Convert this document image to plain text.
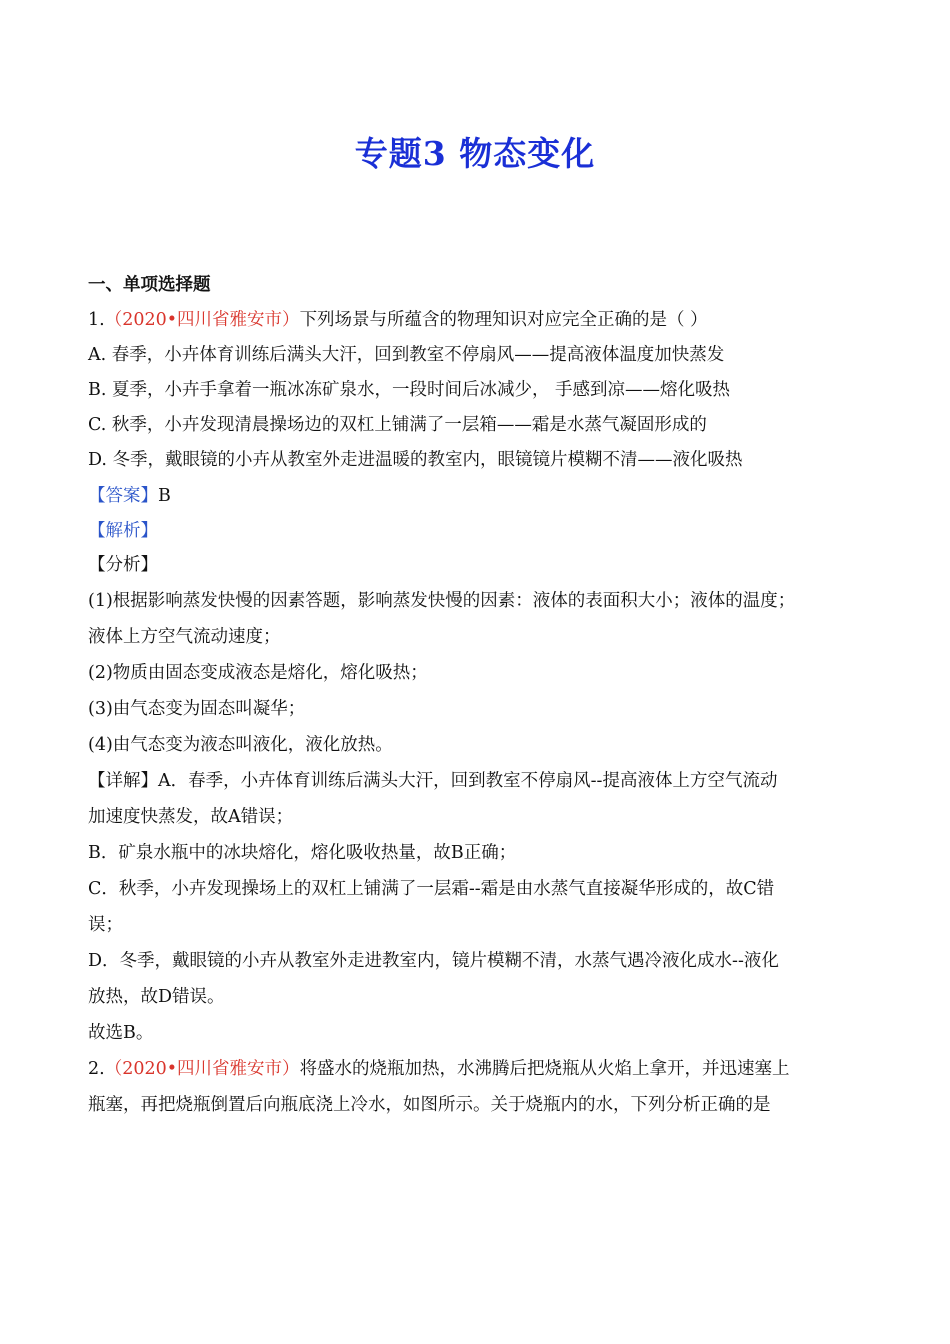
专题3 物态变化
一、单项选择题
1.（2020•四川省雅安市）下列场景与所蕴含的物理知识对应完全正确的是（ ）
A. 春季，小卉体育训练后满头大汗，回到教室不停扇风——提高液体温度加快蒸发
B. 夏季，小卉手拿着一瓶冰冻矿泉水，一段时间后冰减少， 手感到凉——熔化吸热
C. 秋季，小卉发现清晨操场边的双杠上铺满了一层箱——霜是水蒸气凝固形成的
D. 冬季，戴眼镜的小卉从教室外走进温暖的教室内，眼镜镜片模糊不清——液化吸热
【答案】B
【解析】
【分析】
(1)根据影响蒸发快慢的因素答题，影响蒸发快慢的因素：液体的表面积大小；液体的温度；
液体上方空气流动速度；
(2)物质由固态变成液态是熔化，熔化吸热；
(3)由气态变为固态叫凝华；
(4)由气态变为液态叫液化，液化放热。
【详解】A．春季，小卉体育训练后满头大汗，回到教室不停扇风--提高液体上方空气流动
加速度快蒸发，故A错误；
B．矿泉水瓶中的冰块熔化，熔化吸收热量，故B正确；
C．秋季，小卉发现操场上的双杠上铺满了一层霜--霜是由水蒸气直接凝华形成的，故C错
误；
D．冬季，戴眼镜的小卉从教室外走进教室内，镜片模糊不清，水蒸气遇冷液化成水--液化
放热，故D错误。
故选B。
2.（2020•四川省雅安市）将盛水的烧瓶加热，水沸腾后把烧瓶从火焰上拿开，并迅速塞上
瓶塞，再把烧瓶倒置后向瓶底浇上冷水，如图所示。关于烧瓶内的水，下列分析正确的是
